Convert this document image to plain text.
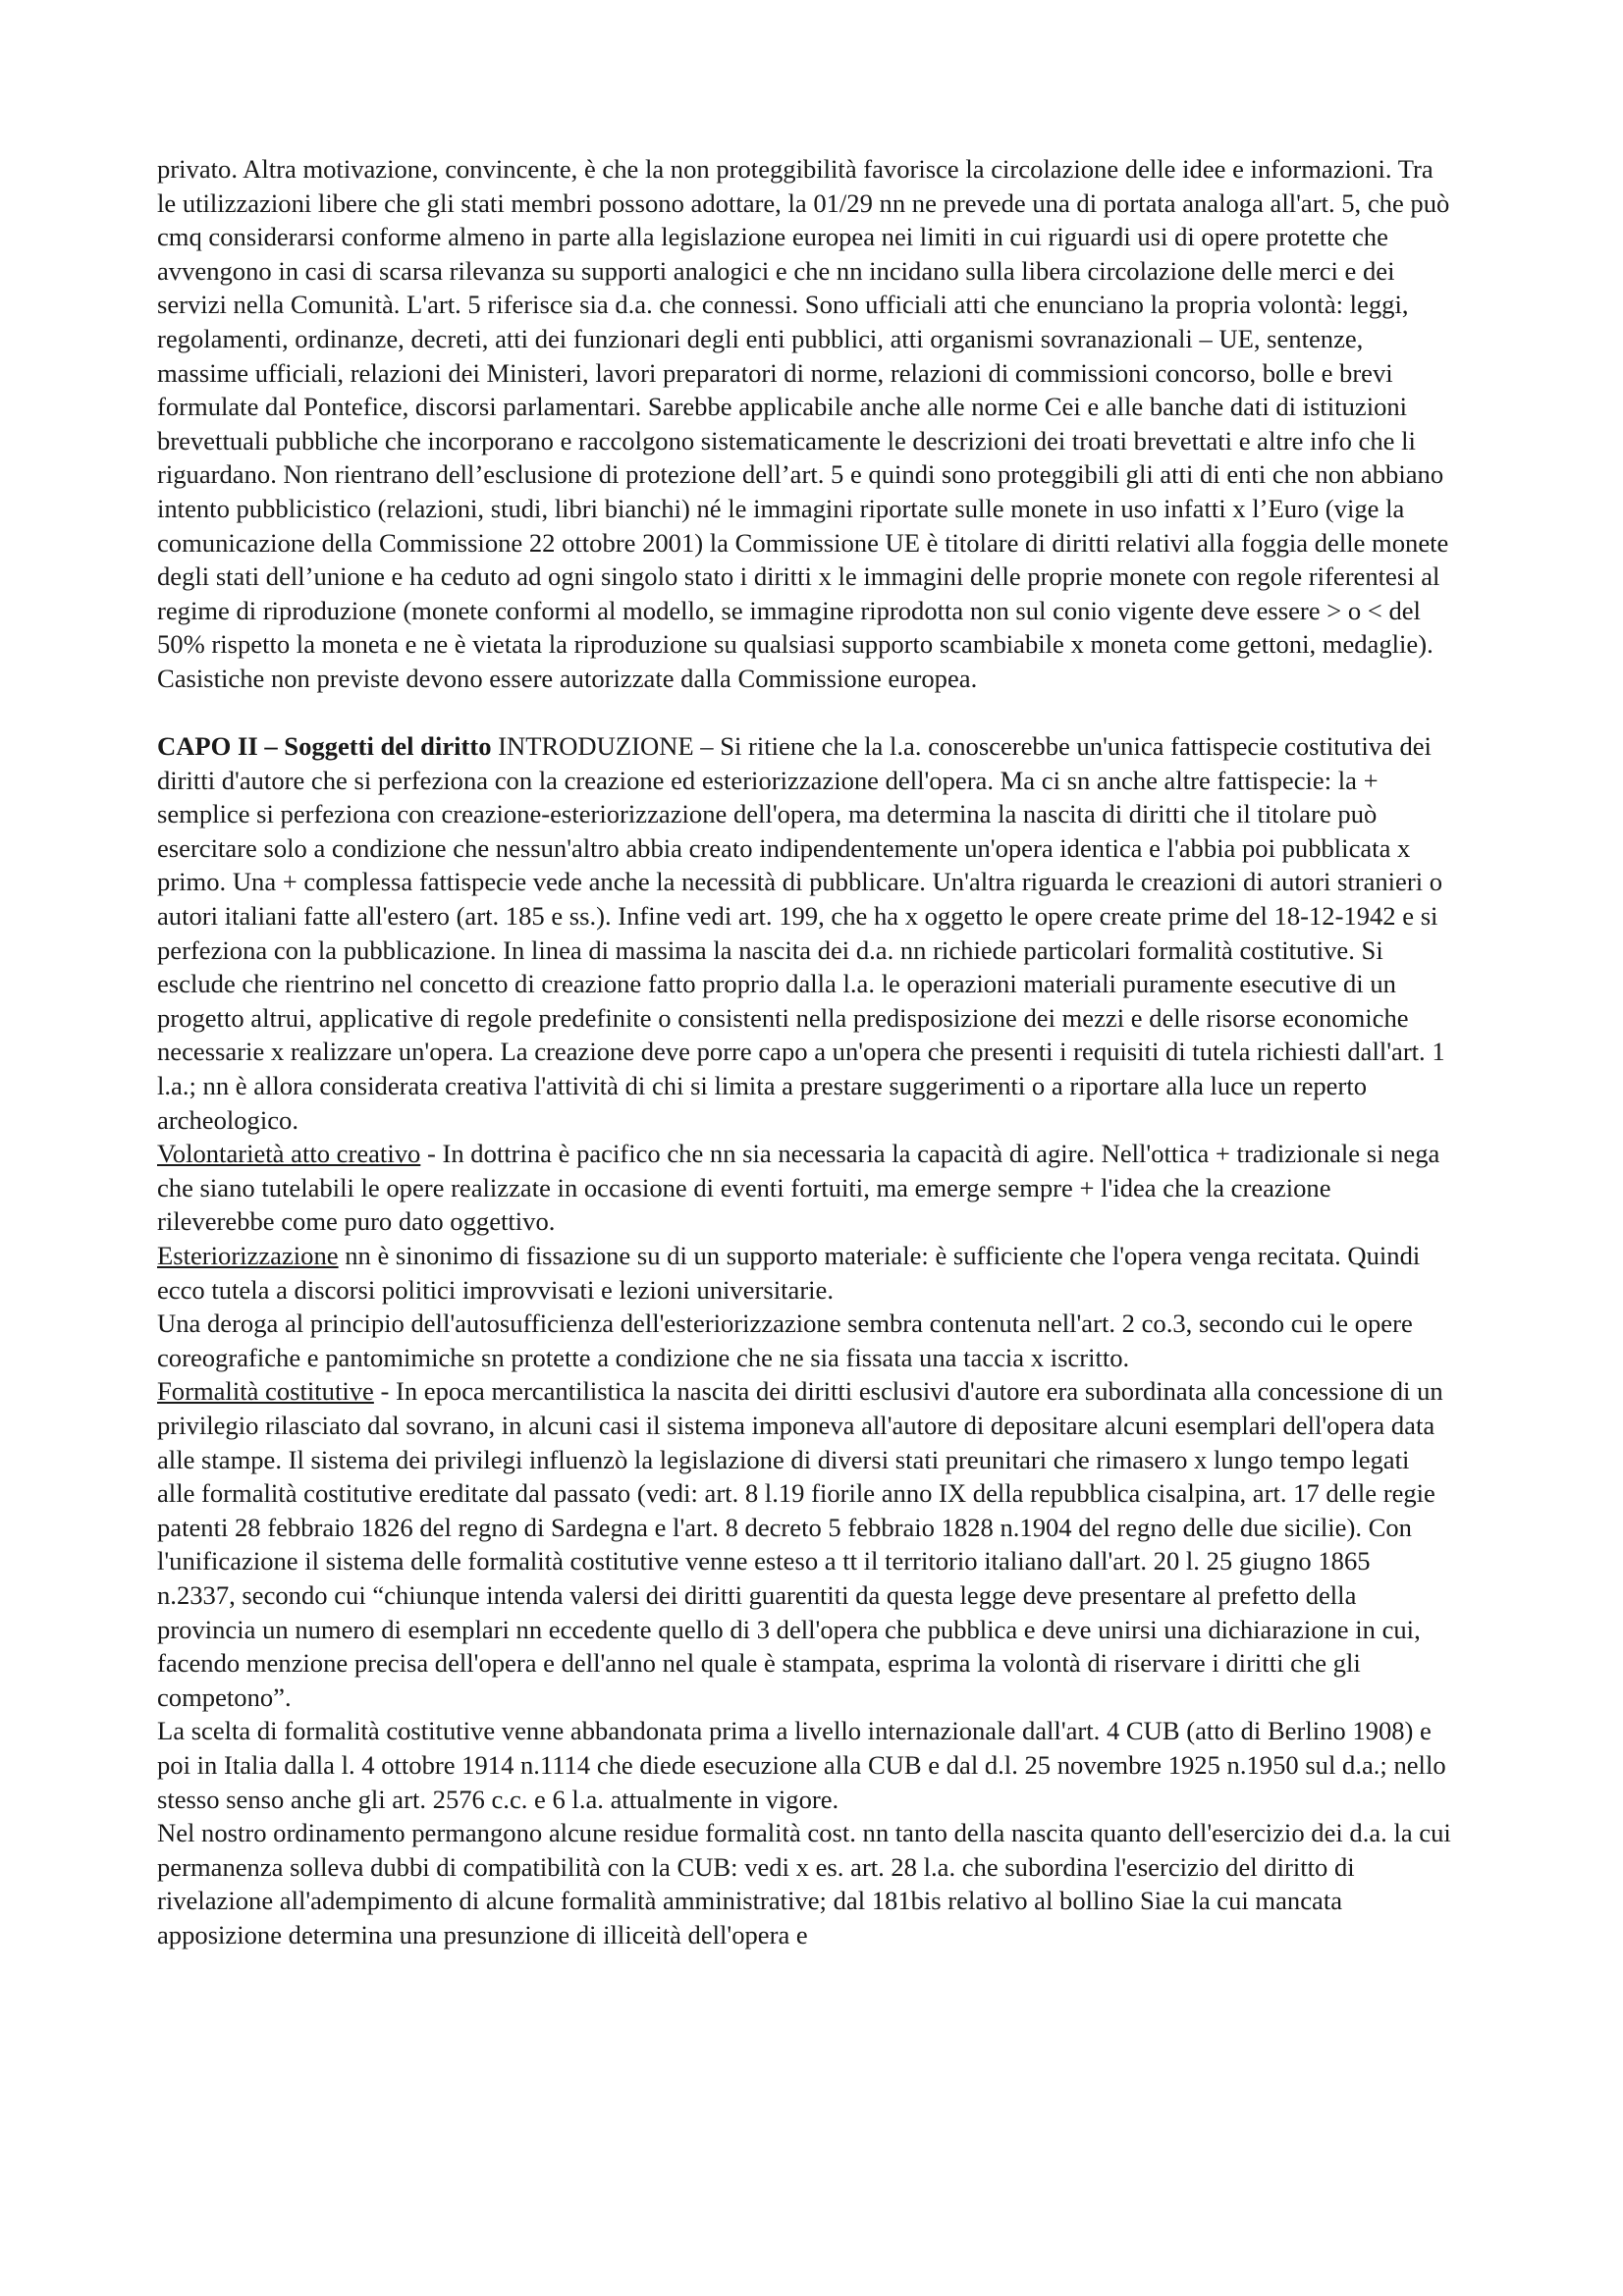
privato. Altra motivazione, convincente, è che la non proteggibilità favorisce la circolazione delle idee e informazioni. Tra le utilizzazioni libere che gli stati membri possono adottare, la 01/29 nn ne prevede una di portata analoga all'art. 5, che può cmq considerarsi conforme almeno in parte alla legislazione europea nei limiti in cui riguardi usi di opere protette che avvengono in casi di scarsa rilevanza su supporti analogici e che nn incidano sulla libera circolazione delle merci e dei servizi nella Comunità. L'art. 5 riferisce sia d.a. che connessi. Sono ufficiali atti che enunciano la propria volontà: leggi, regolamenti, ordinanze, decreti, atti dei funzionari degli enti pubblici, atti organismi sovranazionali – UE, sentenze, massime ufficiali, relazioni dei Ministeri, lavori preparatori di norme, relazioni di commissioni concorso, bolle e brevi formulate dal Pontefice, discorsi parlamentari. Sarebbe applicabile anche alle norme Cei e alle banche dati di istituzioni brevettuali pubbliche che incorporano e raccolgono sistematicamente le descrizioni dei troati brevettati e altre info che li riguardano. Non rientrano dell’esclusione di protezione dell’art. 5 e quindi sono proteggibili gli atti di enti che non abbiano intento pubblicistico (relazioni, studi, libri bianchi) né le immagini riportate sulle monete in uso infatti x l’Euro (vige la comunicazione della Commissione 22 ottobre 2001) la Commissione UE è titolare di diritti relativi alla foggia delle monete degli stati dell’unione e ha ceduto ad ogni singolo stato i diritti x le immagini delle proprie monete con regole riferentesi al regime di riproduzione (monete conformi al modello, se immagine riprodotta non sul conio vigente deve essere > o < del 50% rispetto la moneta e ne è vietata la riproduzione su qualsiasi supporto scambiabile x moneta come gettoni, medaglie). Casistiche non previste devono essere autorizzate dalla Commissione europea.

CAPO II – Soggetti del diritto INTRODUZIONE – Si ritiene che la l.a. conoscerebbe un'unica fattispecie costitutiva dei diritti d'autore che si perfeziona con la creazione ed esteriorizzazione dell'opera. Ma ci sn anche altre fattispecie: la + semplice si perfeziona con creazione-esteriorizzazione dell'opera, ma determina la nascita di diritti che il titolare può esercitare solo a condizione che nessun'altro abbia creato indipendentemente un'opera identica e l'abbia poi pubblicata x primo. Una + complessa fattispecie vede anche la necessità di pubblicare. Un'altra riguarda le creazioni di autori stranieri o autori italiani fatte all'estero (art. 185 e ss.). Infine vedi art. 199, che ha x oggetto le opere create prime del 18-12-1942 e si perfeziona con la pubblicazione. In linea di massima la nascita dei d.a. nn richiede particolari formalità costitutive. Si esclude che rientrino nel concetto di creazione fatto proprio dalla l.a. le operazioni materiali puramente esecutive di un progetto altrui, applicative di regole predefinite o consistenti nella predisposizione dei mezzi e delle risorse economiche necessarie x realizzare un'opera. La creazione deve porre capo a un'opera che presenti i requisiti di tutela richiesti dall'art. 1 l.a.; nn è allora considerata creativa l'attività di chi si limita a prestare suggerimenti o a riportare alla luce un reperto archeologico.

Volontarietà atto creativo - In dottrina è pacifico che nn sia necessaria la capacità di agire. Nell'ottica + tradizionale si nega che siano tutelabili le opere realizzate in occasione di eventi fortuiti, ma emerge sempre + l'idea che la creazione rileverebbe come puro dato oggettivo.

Esteriorizzazione nn è sinonimo di fissazione su di un supporto materiale: è sufficiente che l'opera venga recitata. Quindi ecco tutela a discorsi politici improvvisati e lezioni universitarie.

Una deroga al principio dell'autosufficienza dell'esteriorizzazione sembra contenuta nell'art. 2 co.3, secondo cui le opere coreografiche e pantomimiche sn protette a condizione che ne sia fissata una taccia x iscritto.

Formalità costitutive - In epoca mercantilistica la nascita dei diritti esclusivi d'autore era subordinata alla concessione di un privilegio rilasciato dal sovrano, in alcuni casi il sistema imponeva all'autore di depositare alcuni esemplari dell'opera data alle stampe. Il sistema dei privilegi influenzò la legislazione di diversi stati preunitari che rimasero x lungo tempo legati alle formalità costitutive ereditate dal passato (vedi: art. 8 l.19 fiorile anno IX della repubblica cisalpina, art. 17 delle regie patenti 28 febbraio 1826 del regno di Sardegna e l'art. 8 decreto 5 febbraio 1828 n.1904 del regno delle due sicilie). Con l'unificazione il sistema delle formalità costitutive venne esteso a tt il territorio italiano dall'art. 20 l. 25 giugno 1865 n.2337, secondo cui “chiunque intenda valersi dei diritti guarentiti da questa legge deve presentare al prefetto della provincia un numero di esemplari nn eccedente quello di 3 dell'opera che pubblica e deve unirsi una dichiarazione in cui, facendo menzione precisa dell'opera e dell'anno nel quale è stampata, esprima la volontà di riservare i diritti che gli competono”.

La scelta di formalità costitutive venne abbandonata prima a livello internazionale dall'art. 4 CUB (atto di Berlino 1908) e poi in Italia dalla l. 4 ottobre 1914 n.1114 che diede esecuzione alla CUB e dal d.l. 25 novembre 1925 n.1950 sul d.a.; nello stesso senso anche gli art. 2576 c.c. e 6 l.a. attualmente in vigore.

Nel nostro ordinamento permangono alcune residue formalità cost. nn tanto della nascita quanto dell'esercizio dei d.a. la cui permanenza solleva dubbi di compatibilità con la CUB: vedi x es. art. 28 l.a. che subordina l'esercizio del diritto di rivelazione all'adempimento di alcune formalità amministrative; dal 181bis relativo al bollino Siae la cui mancata apposizione determina una presunzione di illiceità dell'opera e
